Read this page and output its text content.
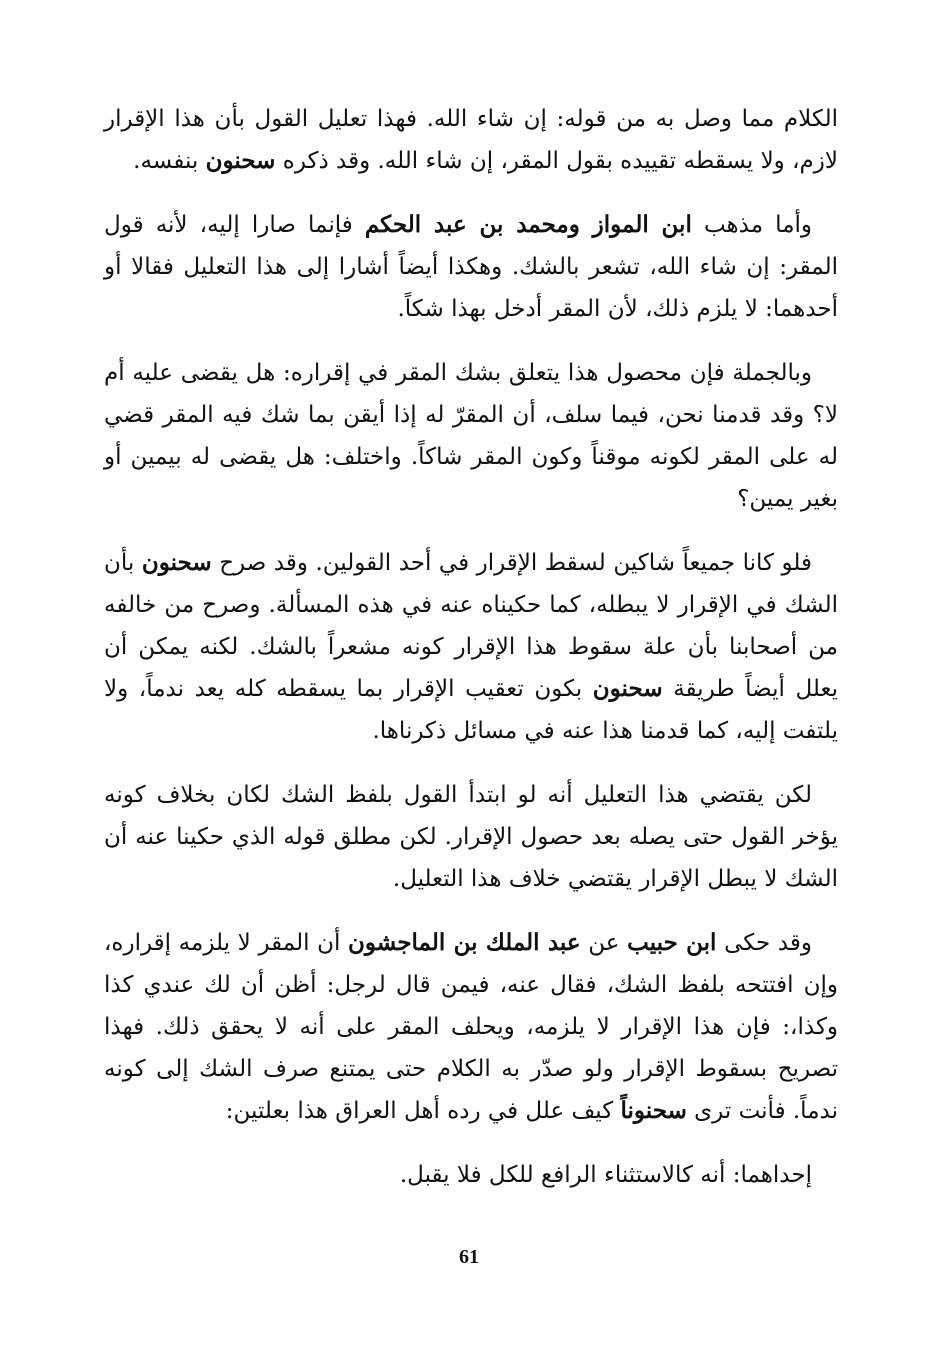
الكلام مما وصل به من قوله: إن شاء الله. فهذا تعليل القول بأن هذا الإقرار لازم، ولا يسقطه تقييده بقول المقر، إن شاء الله. وقد ذكره سحنون بنفسه.

وأما مذهب ابن المواز ومحمد بن عبد الحكم فإنما صارا إليه، لأنه قول المقر: إن شاء الله، تشعر بالشك. وهكذا أيضاً أشارا إلى هذا التعليل فقالا أو أحدهما: لا يلزم ذلك، لأن المقر أدخل بهذا شكاً.

وبالجملة فإن محصول هذا يتعلق بشك المقر في إقراره: هل يقضى عليه أم لا؟ وقد قدمنا نحن، فيما سلف، أن المقرّ له إذا أيقن بما شك فيه المقر قضي له على المقر لكونه موقناً وكون المقر شاكاً. واختلف: هل يقضى له بيمين أو بغير يمين؟

فلو كانا جميعاً شاكين لسقط الإقرار في أحد القولين. وقد صرح سحنون بأن الشك في الإقرار لا يبطله، كما حكيناه عنه في هذه المسألة. وصرح من خالفه من أصحابنا بأن علة سقوط هذا الإقرار كونه مشعراً بالشك. لكنه يمكن أن يعلل أيضاً طريقة سحنون بكون تعقيب الإقرار بما يسقطه كله يعد ندماً، ولا يلتفت إليه، كما قدمنا هذا عنه في مسائل ذكرناها.

لكن يقتضي هذا التعليل أنه لو ابتدأ القول بلفظ الشك لكان بخلاف كونه يؤخر القول حتى يصله بعد حصول الإقرار. لكن مطلق قوله الذي حكينا عنه أن الشك لا يبطل الإقرار يقتضي خلاف هذا التعليل.

وقد حكى ابن حبيب عن عبد الملك بن الماجشون أن المقر لا يلزمه إقراره، وإن افتتحه بلفظ الشك، فقال عنه، فيمن قال لرجل: أظن أن لك عندي كذا وكذا،: فإن هذا الإقرار لا يلزمه، ويحلف المقر على أنه لا يحقق ذلك. فهذا تصريح بسقوط الإقرار ولو صدّر به الكلام حتى يمتنع صرف الشك إلى كونه ندماً. فأنت ترى سحنوناً كيف علل في رده أهل العراق هذا بعلتين:

إحداهما: أنه كالاستثناء الرافع للكل فلا يقبل.

61
